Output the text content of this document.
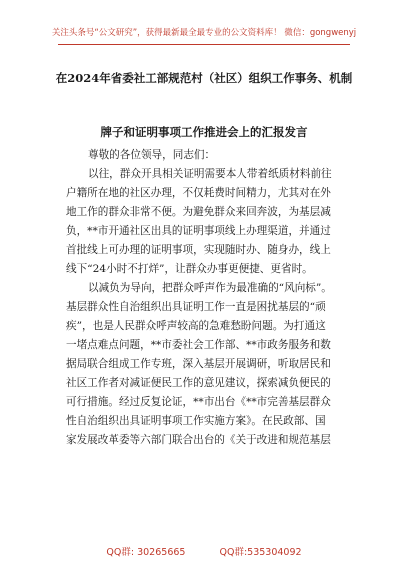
关注头条号“公文研究”，获得最新最全最专业的公文资料库！ 微信：gongwenyj
在2024年省委社工部规范村（社区）组织工作事务、机制
牌子和证明事项工作推进会上的汇报发言
尊敬的各位领导，同志们：
以往，群众开具相关证明需要本人带着纸质材料前往
户籍所在地的社区办理，不仅耗费时间精力，尤其对在外
地工作的群众非常不便。为避免群众来回奔波，为基层减
负，**市开通社区出具的证明事项线上办理渠道，并通过
首批线上可办理的证明事项，实现随时办、随身办，线上
线下“24小时不打烊”，让群众办事更便捷、更省时。
以减负为导向，把群众呼声作为最准确的“风向标”。
基层群众性自治组织出具证明工作一直是困扰基层的“顽
疾”，也是人民群众呼声较高的急难愁盼问题。为打通这
一堵点难点问题，**市委社会工作部、**市政务服务和数
据局联合组成工作专班，深入基层开展调研，听取居民和
社区工作者对减证便民工作的意见建议，探索减负便民的
可行措施。经过反复论证，**市出台《**市完善基层群众
性自治组织出具证明事项工作实施方案》。在民政部、国
家发展改革委等六部门联合出台的《关于改进和规范基层
QQ群: 30265665	QQ群:535304092
